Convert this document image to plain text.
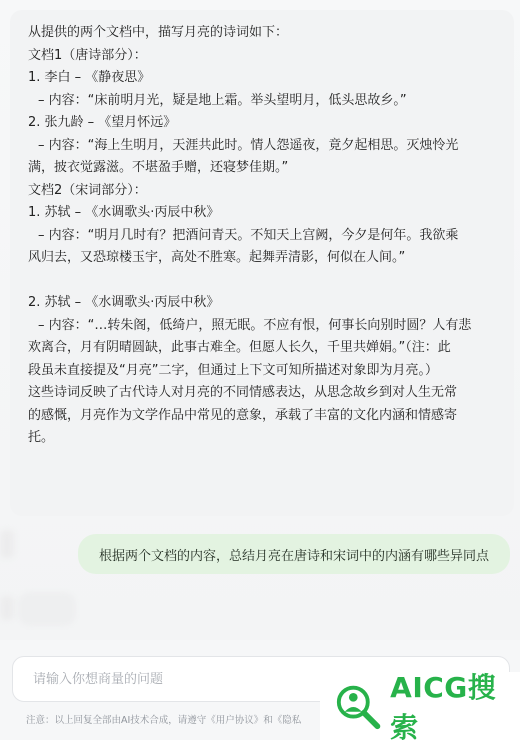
从提供的两个文档中，描写月亮的诗词如下：
文档1（唐诗部分）：
1. 李白 – 《静夜思》
– 内容：“床前明月光，疑是地上霜。举头望明月，低头思故乡。”
2. 张九龄 – 《望月怀远》
– 内容：“海上生明月，天涯共此时。情人怨遥夜，竟夕起相思。灭烛怜光
满，披衣觉露滋。不堪盈手赠，还寝梦佳期。”
文档2（宋词部分）：
1. 苏轼 – 《水调歌头·丙辰中秋》
– 内容：“明月几时有？把酒问青天。不知天上宫阙，今夕是何年。我欲乘
风归去，又恐琼楼玉宇，高处不胜寒。起舞弄清影，何似在人间。”
2. 苏轼 – 《水调歌头·丙辰中秋》
– 内容：“…转朱阁，低绮户，照无眠。不应有恨，何事长向别时圆？人有悲
欢离合，月有阴晴圆缺，此事古难全。但愿人长久，千里共婵娟。”（注：此
段虽未直接提及“月亮”二字，但通过上下文可知所描述对象即为月亮。）
这些诗词反映了古代诗人对月亮的不同情感表达，从思念故乡到对人生无常
的感慨，月亮作为文学作品中常见的意象，承载了丰富的文化内涵和情感寄
托。
根据两个文档的内容，总结月亮在唐诗和宋词中的内涵有哪些异同点
请输入你想商量的问题
注意：以上回复全部由AI技术合成，请遵守《用户协议》和《隐私
AICG搜索
